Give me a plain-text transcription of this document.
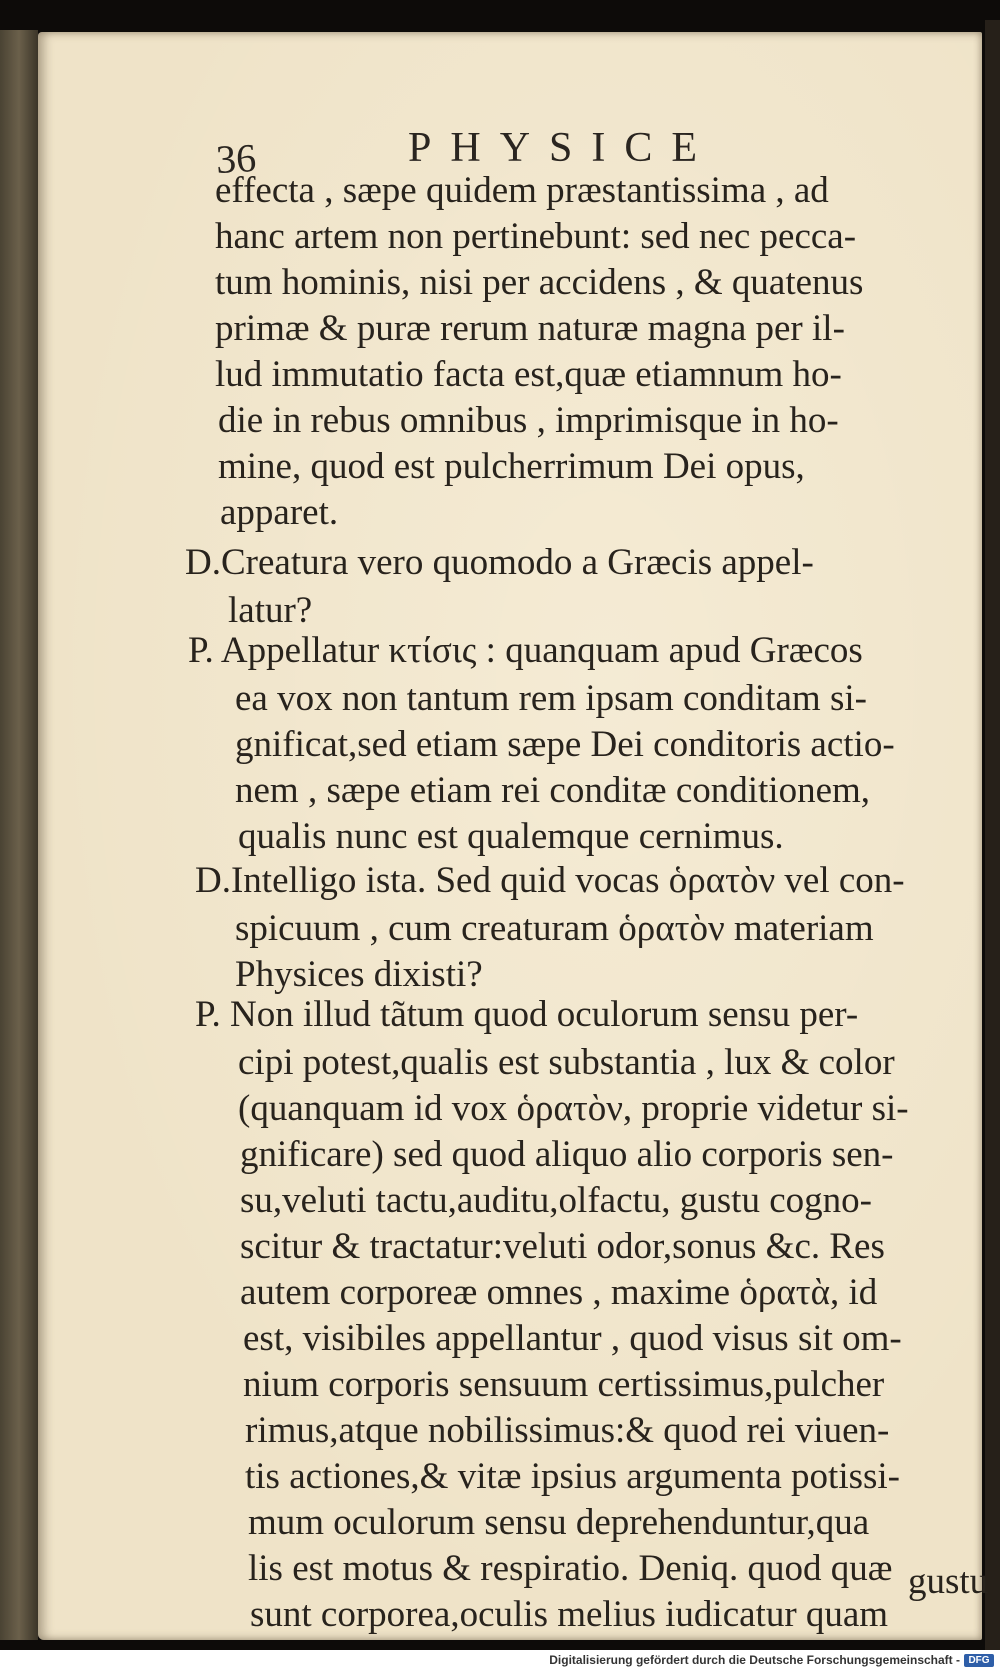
36	PHYSICE
effecta , sæpe quidem præstantissima , ad
hanc artem non pertinebunt: sed nec pecca-
tum hominis, nisi per accidens , & quatenus
primæ & puræ rerum naturæ magna per il-
lud immutatio facta est,quæ etiamnum ho-
die in rebus omnibus , imprimisque in ho-
mine, quod est pulcherrimum Dei opus,
apparet.
D.Creatura vero quomodo a Græcis appel-
latur?
P. Appellatur κτίσις : quanquam apud Græcos
ea vox non tantum rem ipsam conditam si-
gnificat,sed etiam sæpe Dei conditoris actio-
nem , sæpe etiam rei conditæ conditionem,
qualis nunc est qualemque cernimus.
D.Intelligo ista. Sed quid vocas ὁρατὸν vel con-
spicuum , cum creaturam ὁρατὸν materiam
Physices dixisti?
P. Non illud tãtum quod oculorum sensu per-
cipi potest,qualis est substantia , lux & color
(quanquam id vox ὁρατὸν, proprie videtur si-
gnificare) sed quod aliquo alio corporis sen-
su,veluti tactu,auditu,olfactu, gustu cogno-
scitur & tractatur:veluti odor,sonus &c. Res
autem corporeæ omnes , maxime ὁρατὰ, id
est, visibiles appellantur , quod visus sit om-
nium corporis sensuum certissimus,pulcher
rimus,atque nobilissimus:& quod rei viuen-
tis actiones,& vitæ ipsius argumenta potissi-
mum oculorum sensu deprehenduntur,qua
lis est motus & respiratio. Deniq. quod quæ
sunt corporea,oculis melius iudicatur quam
gustu
Digitalisierung gefördert durch die Deutsche Forschungsgemeinschaft - DFG
